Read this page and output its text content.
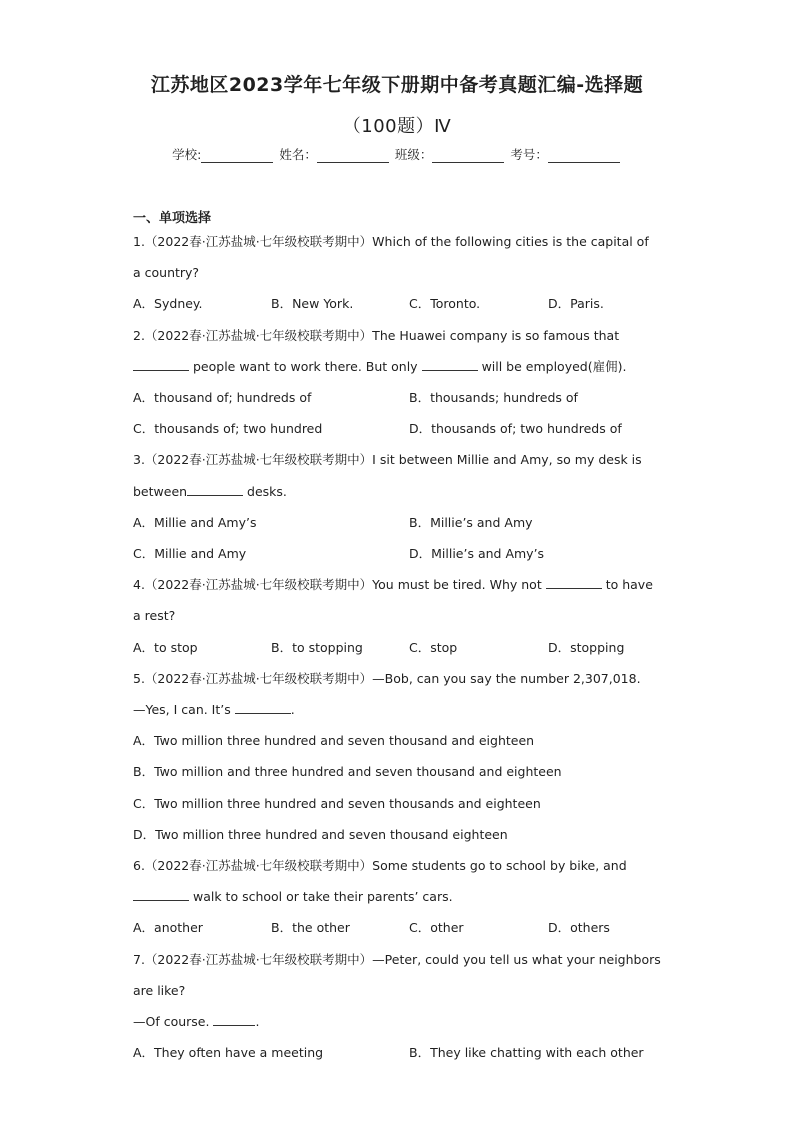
江苏地区2023学年七年级下册期中备考真题汇编-选择题
（100题）Ⅳ
学校:	姓名：	班级：	考号：
一、单项选择
1.（2022春·江苏盐城·七年级校联考期中）Which of the following cities is the capital of
a country?
A．Sydney.	B．New York.	C．Toronto.	D．Paris.
2.（2022春·江苏盐城·七年级校联考期中）The Huawei company is so famous that
people want to work there. But only	will be employed(雇佣).
A．thousand of; hundreds of	B．thousands; hundreds of
C．thousands of; two hundred	D．thousands of; two hundreds of
3.（2022春·江苏盐城·七年级校联考期中）I sit between Millie and Amy, so my desk is
between	desks.
A．Millie and Amy’s	B．Millie’s and Amy
C．Millie and Amy	D．Millie’s and Amy’s
4.（2022春·江苏盐城·七年级校联考期中）You must be tired. Why not	to have
a rest?
A．to stop	B．to stopping	C．stop	D．stopping
5.（2022春·江苏盐城·七年级校联考期中）—Bob, can you say the number 2,307,018.
—Yes, I can. It’s	.
A．Two million three hundred and seven thousand and eighteen
B．Two million and three hundred and seven thousand and eighteen
C．Two million three hundred and seven thousands and eighteen
D．Two million three hundred and seven thousand eighteen
6.（2022春·江苏盐城·七年级校联考期中）Some students go to school by bike, and
walk to school or take their parents’ cars.
A．another	B．the other	C．other	D．others
7.（2022春·江苏盐城·七年级校联考期中）—Peter, could you tell us what your neighbors
are like?
—Of course.	.
A．They often have a meeting	B．They like chatting with each other
